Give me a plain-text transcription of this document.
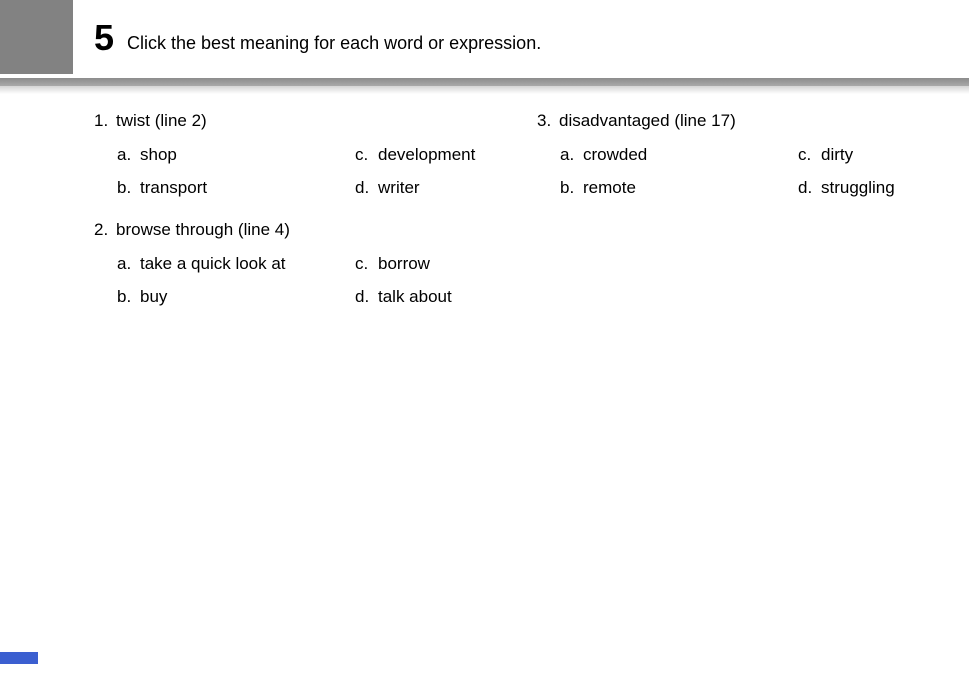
5 Click the best meaning for each word or expression.
1. twist (line 2)
a. shop
b. transport
c. development
d. writer
2. browse through (line 4)
a. take a quick look at
b. buy
c. borrow
d. talk about
3. disadvantaged (line 17)
a. crowded
b. remote
c. dirty
d. struggling
